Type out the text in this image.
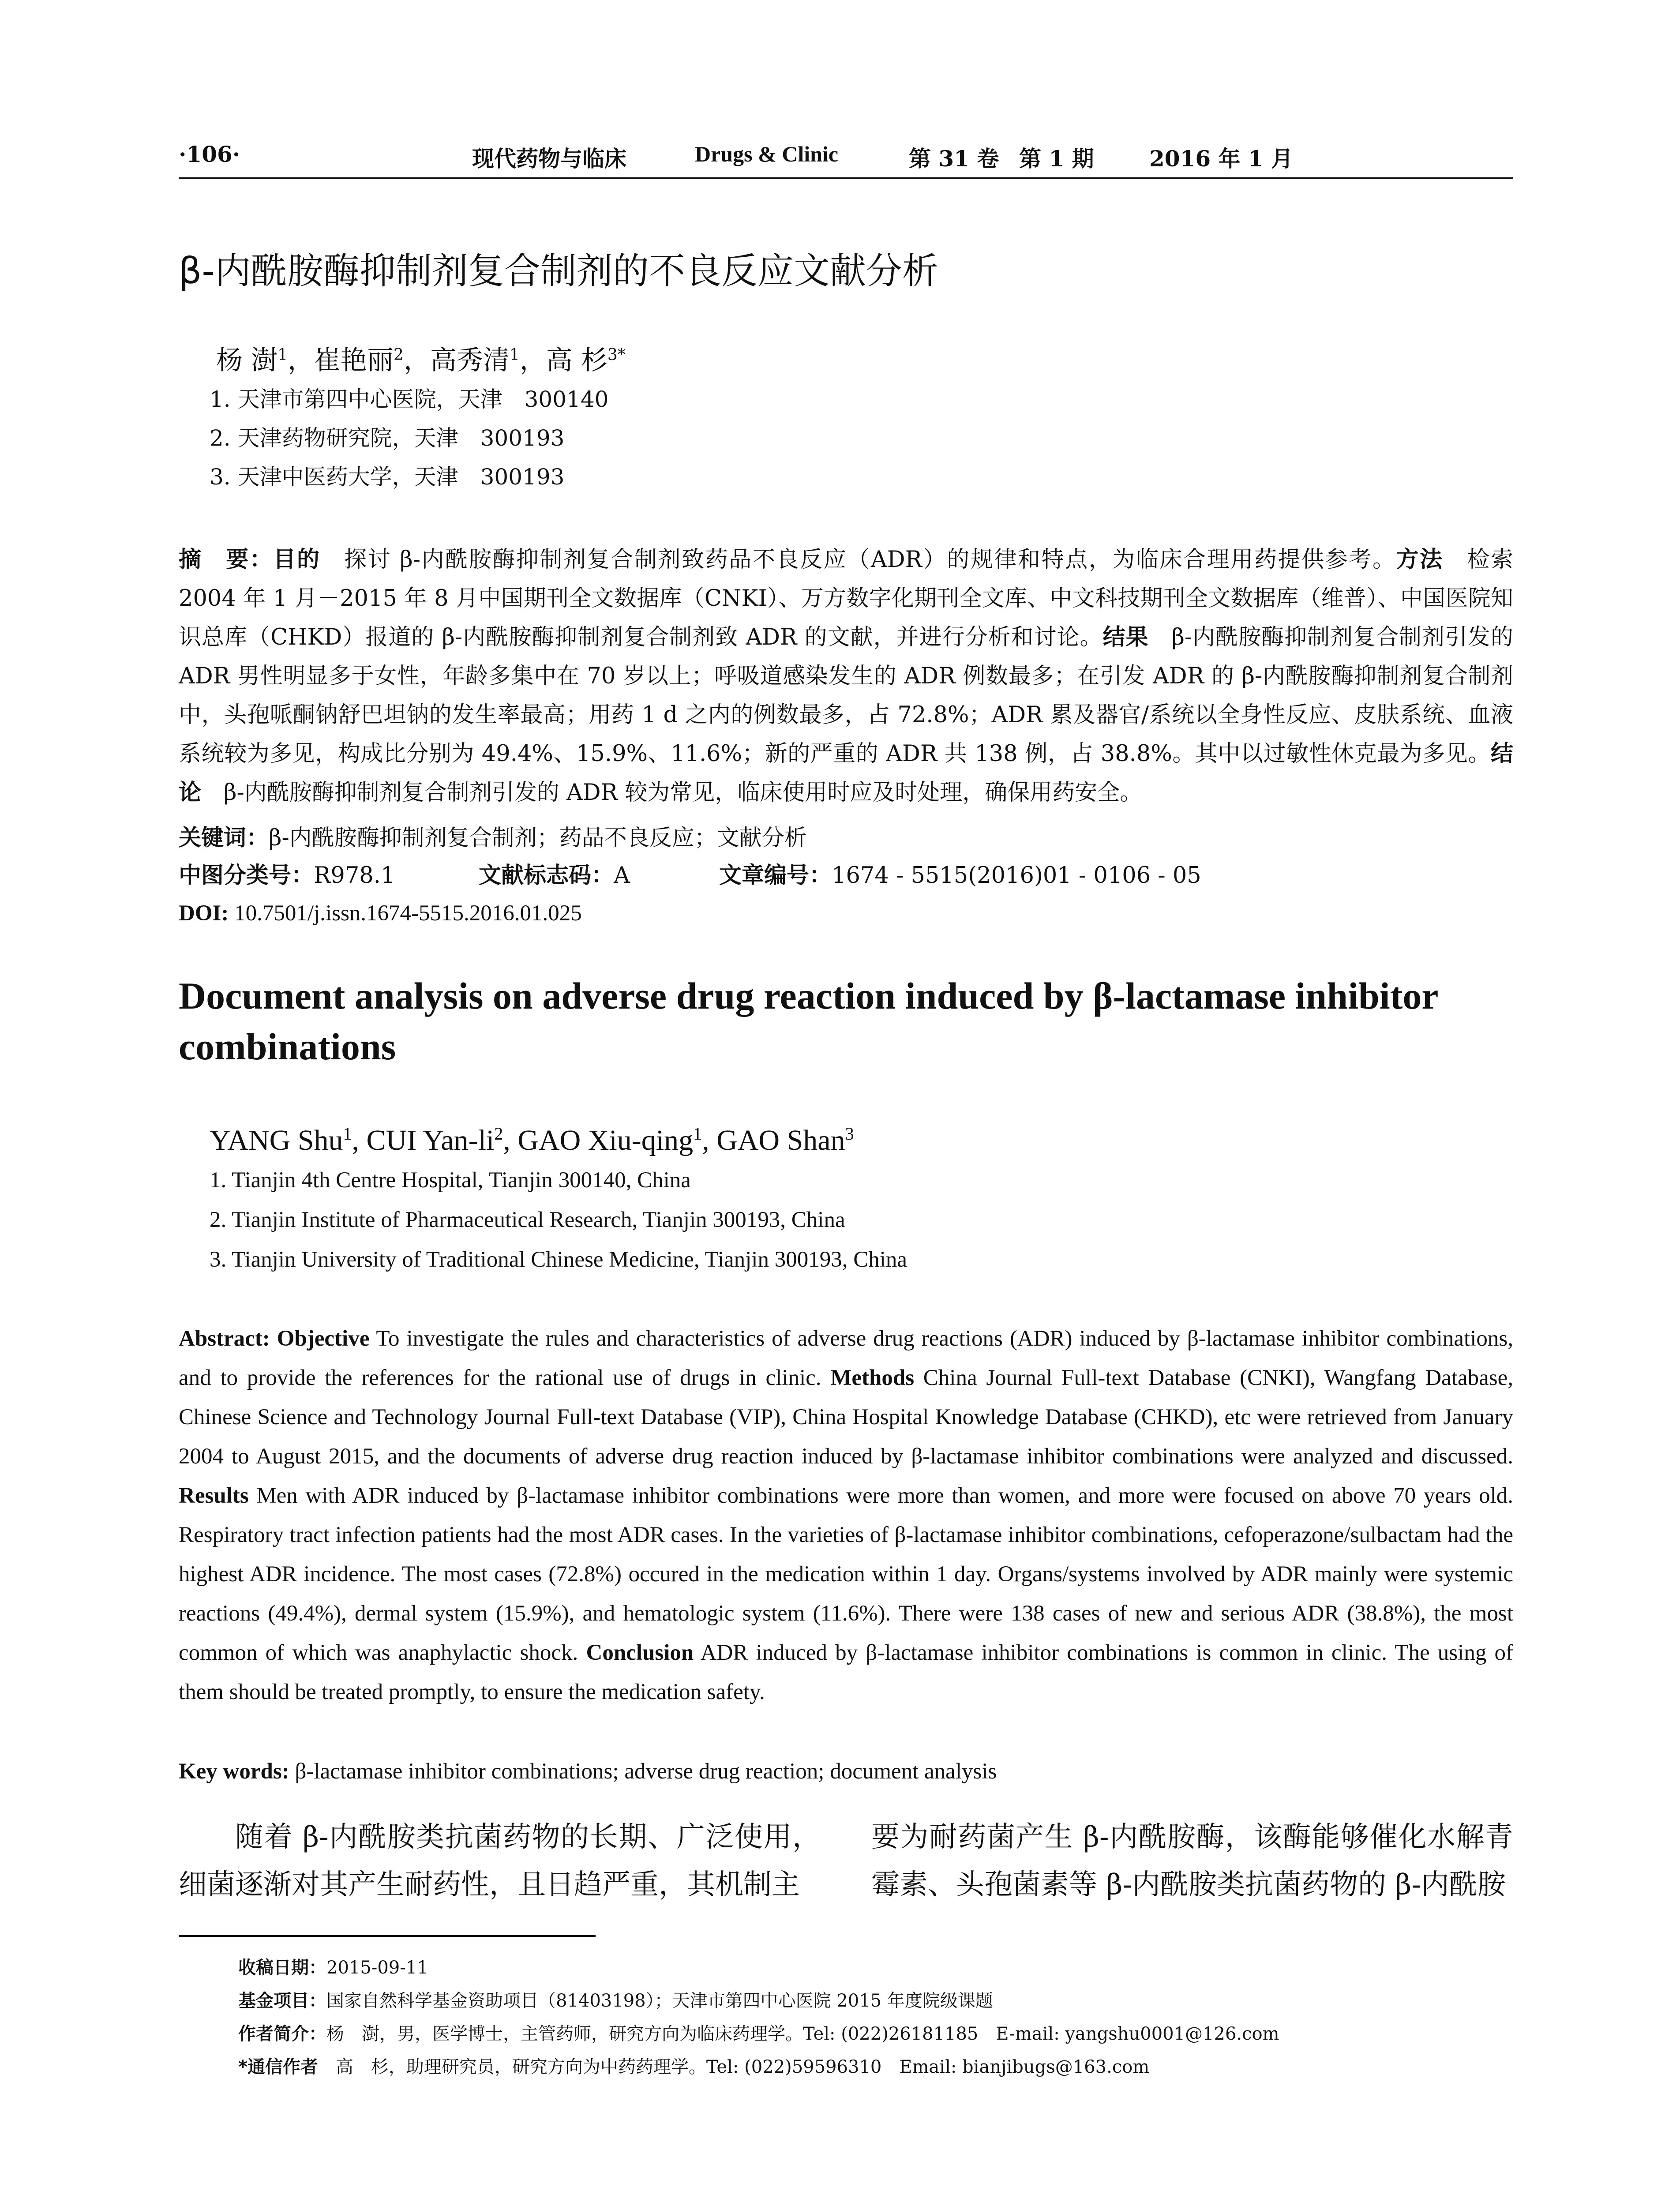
·106·	现代药物与临床	Drugs & Clinic	第 31 卷 第 1 期	2016 年 1 月
β-内酰胺酶抑制剂复合制剂的不良反应文献分析
杨 澍$^1$，崔艳丽$^2$，高秀清$^1$，高 杉$^{3*}$
1. 天津市第四中心医院，天津　300140
2. 天津药物研究院，天津　300193
3. 天津中医药大学，天津　300193
摘　要：目的　探讨 β-内酰胺酶抑制剂复合制剂致药品不良反应（ADR）的规律和特点，为临床合理用药提供参考。方法　检索 2004 年 1 月－2015 年 8 月中国期刊全文数据库（CNKI）、万方数字化期刊全文库、中文科技期刊全文数据库（维普）、中国医院知识总库（CHKD）报道的 β-内酰胺酶抑制剂复合制剂致 ADR 的文献，并进行分析和讨论。结果　β-内酰胺酶抑制剂复合制剂引发的 ADR 男性明显多于女性，年龄多集中在 70 岁以上；呼吸道感染发生的 ADR 例数最多；在引发 ADR 的 β-内酰胺酶抑制剂复合制剂中，头孢哌酮钠舒巴坦钠的发生率最高；用药 1 d 之内的例数最多，占 72.8%；ADR 累及器官/系统以全身性反应、皮肤系统、血液系统较为多见，构成比分别为 49.4%、15.9%、11.6%；新的严重的 ADR 共 138 例，占 38.8%。其中以过敏性休克最为多见。结论　β-内酰胺酶抑制剂复合制剂引发的 ADR 较为常见，临床使用时应及时处理，确保用药安全。
关键词：β-内酰胺酶抑制剂复合制剂；药品不良反应；文献分析
中图分类号： R978.1	文献标志码： A	文章编号： 1674 - 5515(2016)01 - 0106 - 05
DOI: 10.7501/j.issn.1674-5515.2016.01.025
Document analysis on adverse drug reaction induced by β-lactamase inhibitor combinations
YANG Shu$^1$, CUI Yan-$li^2$, GAO Xiu-qing$^1$, GAO Shan$^3$
1. Tianjin 4th Centre Hospital, Tianjin 300140, China
2. Tianjin Institute of Pharmaceutical Research, Tianjin 300193, China
3. Tianjin University of Traditional Chinese Medicine, Tianjin 300193, China
Abstract: Objective To investigate the rules and characteristics of adverse drug reactions (ADR) induced by β-lactamase inhibitor combinations, and to provide the references for the rational use of drugs in clinic. Methods China Journal Full-text Database (CNKI), Wangfang Database, Chinese Science and Technology Journal Full-text Database (VIP), China Hospital Knowledge Database (CHKD), etc were retrieved from January 2004 to August 2015, and the documents of adverse drug reaction induced by β-lactamase inhibitor combinations were analyzed and discussed. Results Men with ADR induced by β-lactamase inhibitor combinations were more than women, and more were focused on above 70 years old. Respiratory tract infection patients had the most ADR cases. In the varieties of β-lactamase inhibitor combinations, cefoperazone/sulbactam had the highest ADR incidence. The most cases (72.8%) occured in the medication within 1 day. Organs/systems involved by ADR mainly were systemic reactions (49.4%), dermal system (15.9%), and hematologic system (11.6%). There were 138 cases of new and serious ADR (38.8%), the most common of which was anaphylactic shock. Conclusion ADR induced by β-lactamase inhibitor combinations is common in clinic. The using of them should be treated promptly, to ensure the medication safety.
Key words: β-lactamase inhibitor combinations; adverse drug reaction; document analysis
随着 β-内酰胺类抗菌药物的长期、广泛使用，细菌逐渐对其产生耐药性，且日趋严重，其机制主
要为耐药菌产生 β-内酰胺酶，该酶能够催化水解青霉素、头孢菌素等 β-内酰胺类抗菌药物的 β-内酰胺
收稿日期：2015-09-11
基金项目：国家自然科学基金资助项目（81403198）；天津市第四中心医院 2015 年度院级课题
作者简介：杨　澍，男，医学博士，主管药师，研究方向为临床药理学。Tel: (022)26181185　E-mail: yangshu0001@126.com
*通信作者　高　杉，助理研究员，研究方向为中药药理学。Tel: (022)59596310　Email: bianjibugs@163.com
